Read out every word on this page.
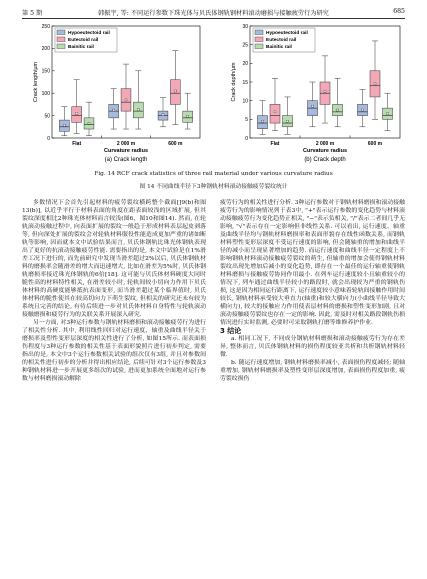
第 5 期	韩振宇, 等: 不同运行参数下珠光体与贝氏体钢轨钢材料滚动磨损与接触疲劳行为研究	685
0
50
100
150
200
250
Crack length/μm
Flat	2 000 m	600 m
Curvature radius
(a) Crack length
Hypoeutectoid rail
Eutectoid rail
Bainitic rail
0
5
10
15
20
25
30
Crack depth/μm
Flat	2 000 m	600 m
Curvature radius
(b) Crack depth
Hypoeutectoid rail
Eutectoid rail
Bainitic rail
Fig. 14 RCF crack statistics of three rail material under various curvature radius
图 14 不同曲线半径下3种钢轨材料滚动接触疲劳裂纹统计

多数情况下会首先引起材料的疲劳裂纹横跨整个截面[]9(b)和图13(b)], 以近乎平行于材料表面的角度在距表面较浅的区域扩展, 但其裂纹深度相比2种珠光体材料而言较浅(图6、图10和图14). 然而, 在轮轨滚动接触过程中, 向表面扩展的裂纹一般趋于形成材料表层起皮剥落等, 但向深处扩展的裂纹会对轮轨材料服役性能造成更加严重的诸如断轨等影响, 因而就本文中试验结果而言, 贝氏体钢轨比珠光体钢轨表现出了更好的抗滚动接触疲劳性能. 需要指出的是, 本文中试验是在1%滑差工况下进行的, 而先前研究中发现当滑差超过2%以后, 贝氏体钢轨材料的磨损率会随滑差的增大而迅速增大, 比如在滑差为5%时, 贝氏体钢轨磨损率接近珠光体钢轨的6倍[18]. 这可能与贝氏体材料硬度大同时脆性高的材料特性相关, 在滑差较小时, 轮轨间较小切向力作用下贝氏体材料的高硬度能够抵抗表面变形, 而当滑差超过某个临界值时, 贝氏体材料的脆性使其在较高切向力下萌生裂纹, 但相关的研究还未有较为系统且完善的结论, 有待后续进一步对贝氏体材料自身特性与轮轨滚动接触磨损和疲劳行为的关联关系开展深入研究.

另一方面, 对3种运行参数与钢轨材料磨损和滚动接触疲劳行为进行了相关性分析. 其中, 利用线性回归对运行速度、轴重及曲线半径关于磨损率及塑性变形层深度的相关性进行了分析, 如图15所示. 而表面损伤程度与3种运行参数的相关性基于表面形貌照片进行初步判定, 需要指出的是, 本文中3个运行参数相关试验的组次仅有3组, 并且对参数间的相关性进行初步的分析并得出相应结论, 后续可针对3个运行参数及3种钢轨材料进一步开展更多组次的试验, 进而更加系统全面地对运行参数与材料磨损滚动解除

疲劳行为的相关性进行分析. 3种运行参数对于钢轨材料磨损和滚动接触疲劳行为的影响情况列于表3中, "+"表示运行参数的变化趋势与材料滚动接触疲劳行为变化趋势正相关, "−"表示负相关, "/"表示二者间几乎无影响, "√"表示存在一定影响但非线性关系. 可以看出, 运行速度、轴重及曲线半径均与钢轨材料磨损率和表面形貌存在线性函数关系, 而钢轨材料塑性变形层深度不受运行速度的影响, 但会随轴重的增加和曲线半径的减小而呈现显著增加的趋势. 而运行速度和曲线半径一定程度上不影响钢轨材料滚动接触疲劳裂纹的萌生, 但轴重的增加会使得钢轨材料裂纹出现先增加后减小的变化趋势, 即存在一个最佳的运行轴重使钢轨材料磨损与接触疲劳协同作用最小. 在列车运行速度较小且轴重较小的情况下, 列车通过曲线半径较小的路段时, 就会出现较为严重的钢轨伤损, 这是因为相同运行距离下, 运行速度较小意味着轮轨间接触作用时间较长, 钢轨材料承受较大垂直力(轴重)和较大横向力(小曲线半径导致大横向力), 较大的接触应力作用使表层材料的磨损和塑性变形加剧, 且对滚动接触疲劳裂纹也存在一定的影响. 因此, 需及时对相关路段钢轨伤损情况进行实时监测, 必要时可采取钢轨打磨等维修养护作业.

3 结论

a. 相同工况下, 不同成分钢轨材料磨损和滚动接触疲劳行为存在差异, 整体而言, 贝氏体钢轨材料的损伤程度较亚共析和共析钢轨材料轻微.

b. 随运行速度增加, 钢轨材料磨损率减小, 表面损伤程度减轻; 随轴重增加, 钢轨材料磨损率及塑性变形层深度增加, 表面损伤程度加重, 疲劳裂纹损伤
